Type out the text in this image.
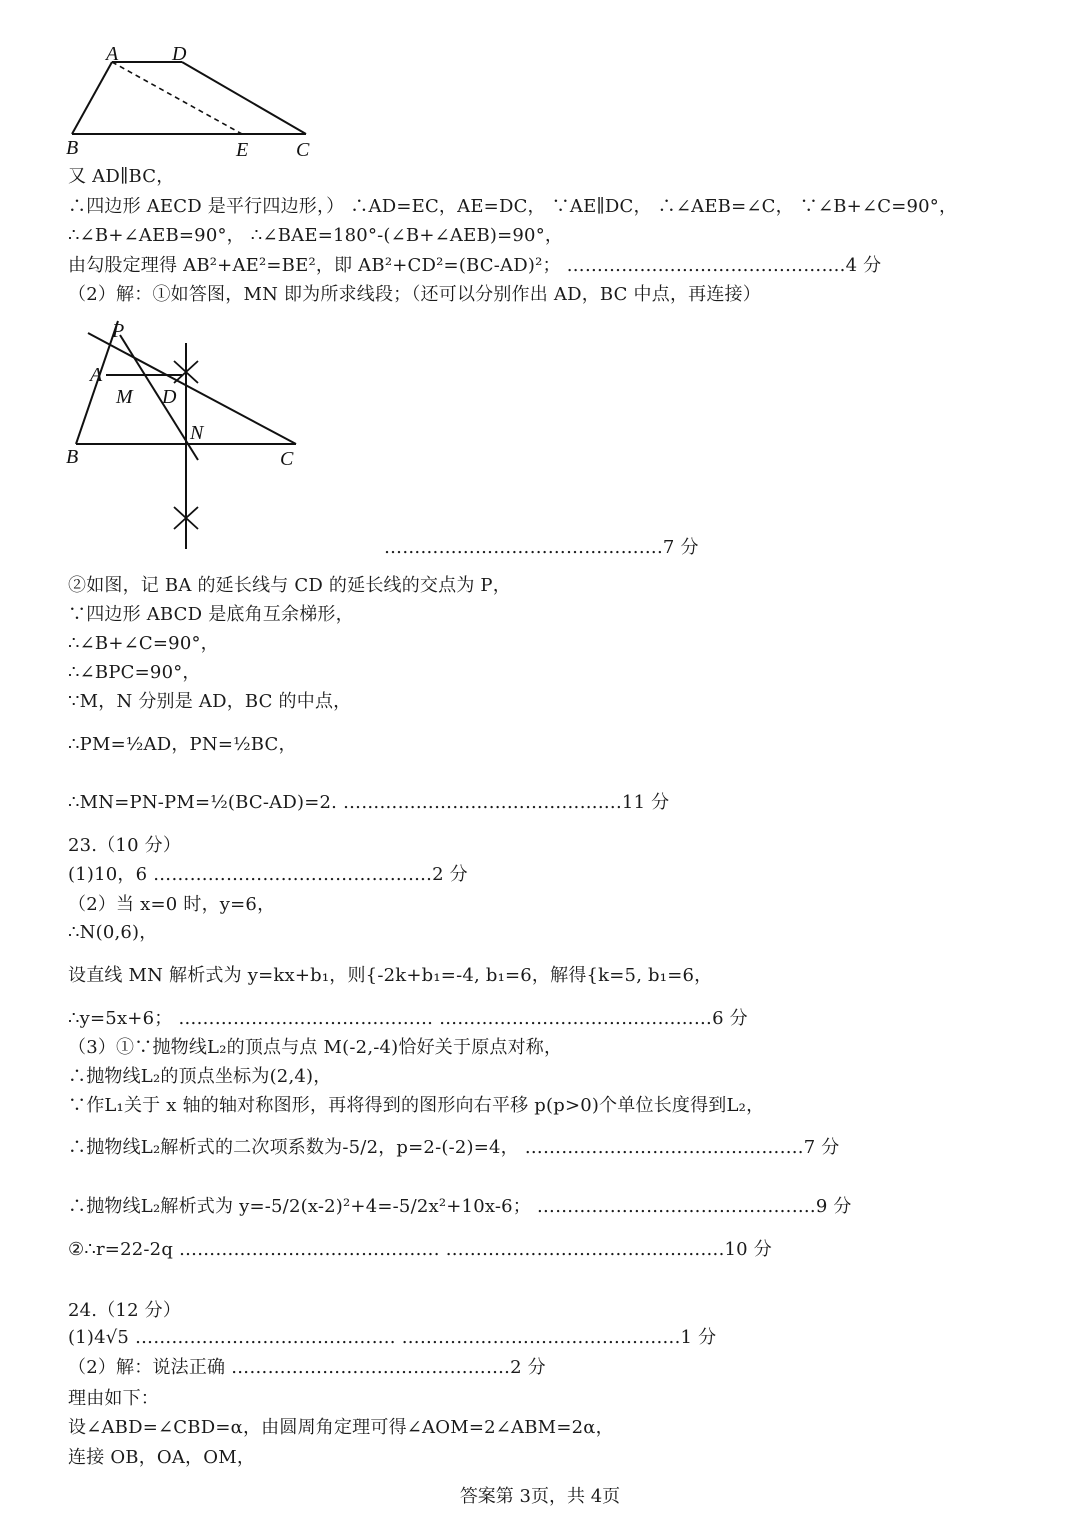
A	D
B	E C
又 AD∥BC，
∴四边形 AECD 是平行四边形，） ∴AD=EC，AE=DC， ∵AE∥DC， ∴∠AEB=∠C， ∵∠B+∠C=90°，
∴∠B+∠AEB=90°， ∴∠BAE=180°-(∠B+∠AEB)=90°，
由勾股定理得 AB²+AE²=BE²，即 AB²+CD²=(BC-AD)²； ……………………………………….4 分
（2）解：①如答图，MN 即为所求线段；（还可以分别作出 AD，BC 中点，再连接）
P
A
M D
N
B	C
……………………………………….7 分
②如图，记 BA 的延长线与 CD 的延长线的交点为 P，
∵四边形 ABCD 是底角互余梯形，
∴∠B+∠C=90°，
∴∠BPC=90°，
∵M，N 分别是 AD，BC 的中点，
∴PM=½AD，PN=½BC，
∴MN=PN-PM=½(BC-AD)=2. ……………………………………….11 分
23.（10 分）
(1)10，6 ……………………………………….2 分
（2）当 x=0 时，y=6，
∴N(0,6)，
设直线 MN 解析式为 y=kx+b₁，则{-2k+b₁=-4, b₁=6，解得{k=5, b₁=6，
∴y=5x+6； …………………………………… ………………………………………6 分
（3）①∵抛物线L₂的顶点与点 M(-2,-4)恰好关于原点对称，
∴抛物线L₂的顶点坐标为(2,4)，
∵作L₁关于 x 轴的轴对称图形，再将得到的图形向右平移 p(p>0)个单位长度得到L₂，
∴抛物线L₂解析式的二次项系数为-5/2，p=2-(-2)=4， ……………………………………….7 分
∴抛物线L₂解析式为 y=-5/2(x-2)²+4=-5/2x²+10x-6； ……………………………………….9 分
②∴r=22-2q ……………………………………. ……………………………………….10 分
24.（12 分）
(1)4√5 ……………………………………. ……………………………………….1 分
（2）解：说法正确 ……………………………………….2 分
理由如下：
设∠ABD=∠CBD=α，由圆周角定理可得∠AOM=2∠ABM=2α，
连接 OB，OA，OM，
答案第 3页，共 4页
